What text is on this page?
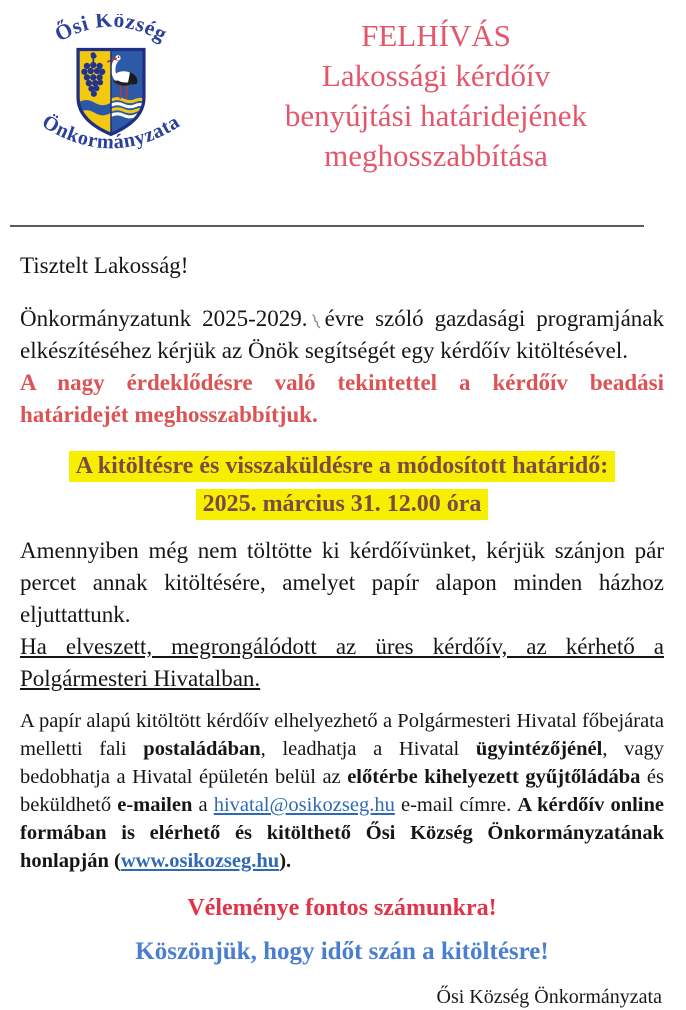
Ősi Község
Önkormányzata
FELHÍVÁS
Lakossági kérdőív
benyújtási határidejének
meghosszabbítása

Tisztelt Lakosság!

Önkormányzatunk 2025-2029. évre szóló gazdasági programjának elkészítéséhez kérjük az Önök segítségét egy kérdőív kitöltésével.

A nagy érdeklődésre való tekintettel a kérdőív beadási határidejét meghosszabbítjuk.

A kitöltésre és visszaküldésre a módosított határidő:
2025. március 31. 12.00 óra

Amennyiben még nem töltötte ki kérdőívünket, kérjük szánjon pár percet annak kitöltésére, amelyet papír alapon minden házhoz eljuttattunk.

Ha elveszett, megrongálódott az üres kérdőív, az kérhető a Polgármesteri Hivatalban.

A papír alapú kitöltött kérdőív elhelyezhető a Polgármesteri Hivatal főbejárata melletti fali postaládában, leadhatja a Hivatal ügyintézőjénél, vagy bedobhatja a Hivatal épületén belül az előtérbe kihelyezett gyűjtőládába és beküldhető e-mailen a hivatal@osikozseg.hu e-mail címre. A kérdőív online formában is elérhető és kitölthető Ősi Község Önkormányzatának honlapján (www.osikozseg.hu).

Véleménye fontos számunkra!

Köszönjük, hogy időt szán a kitöltésre!

Ősi Község Önkormányzata
